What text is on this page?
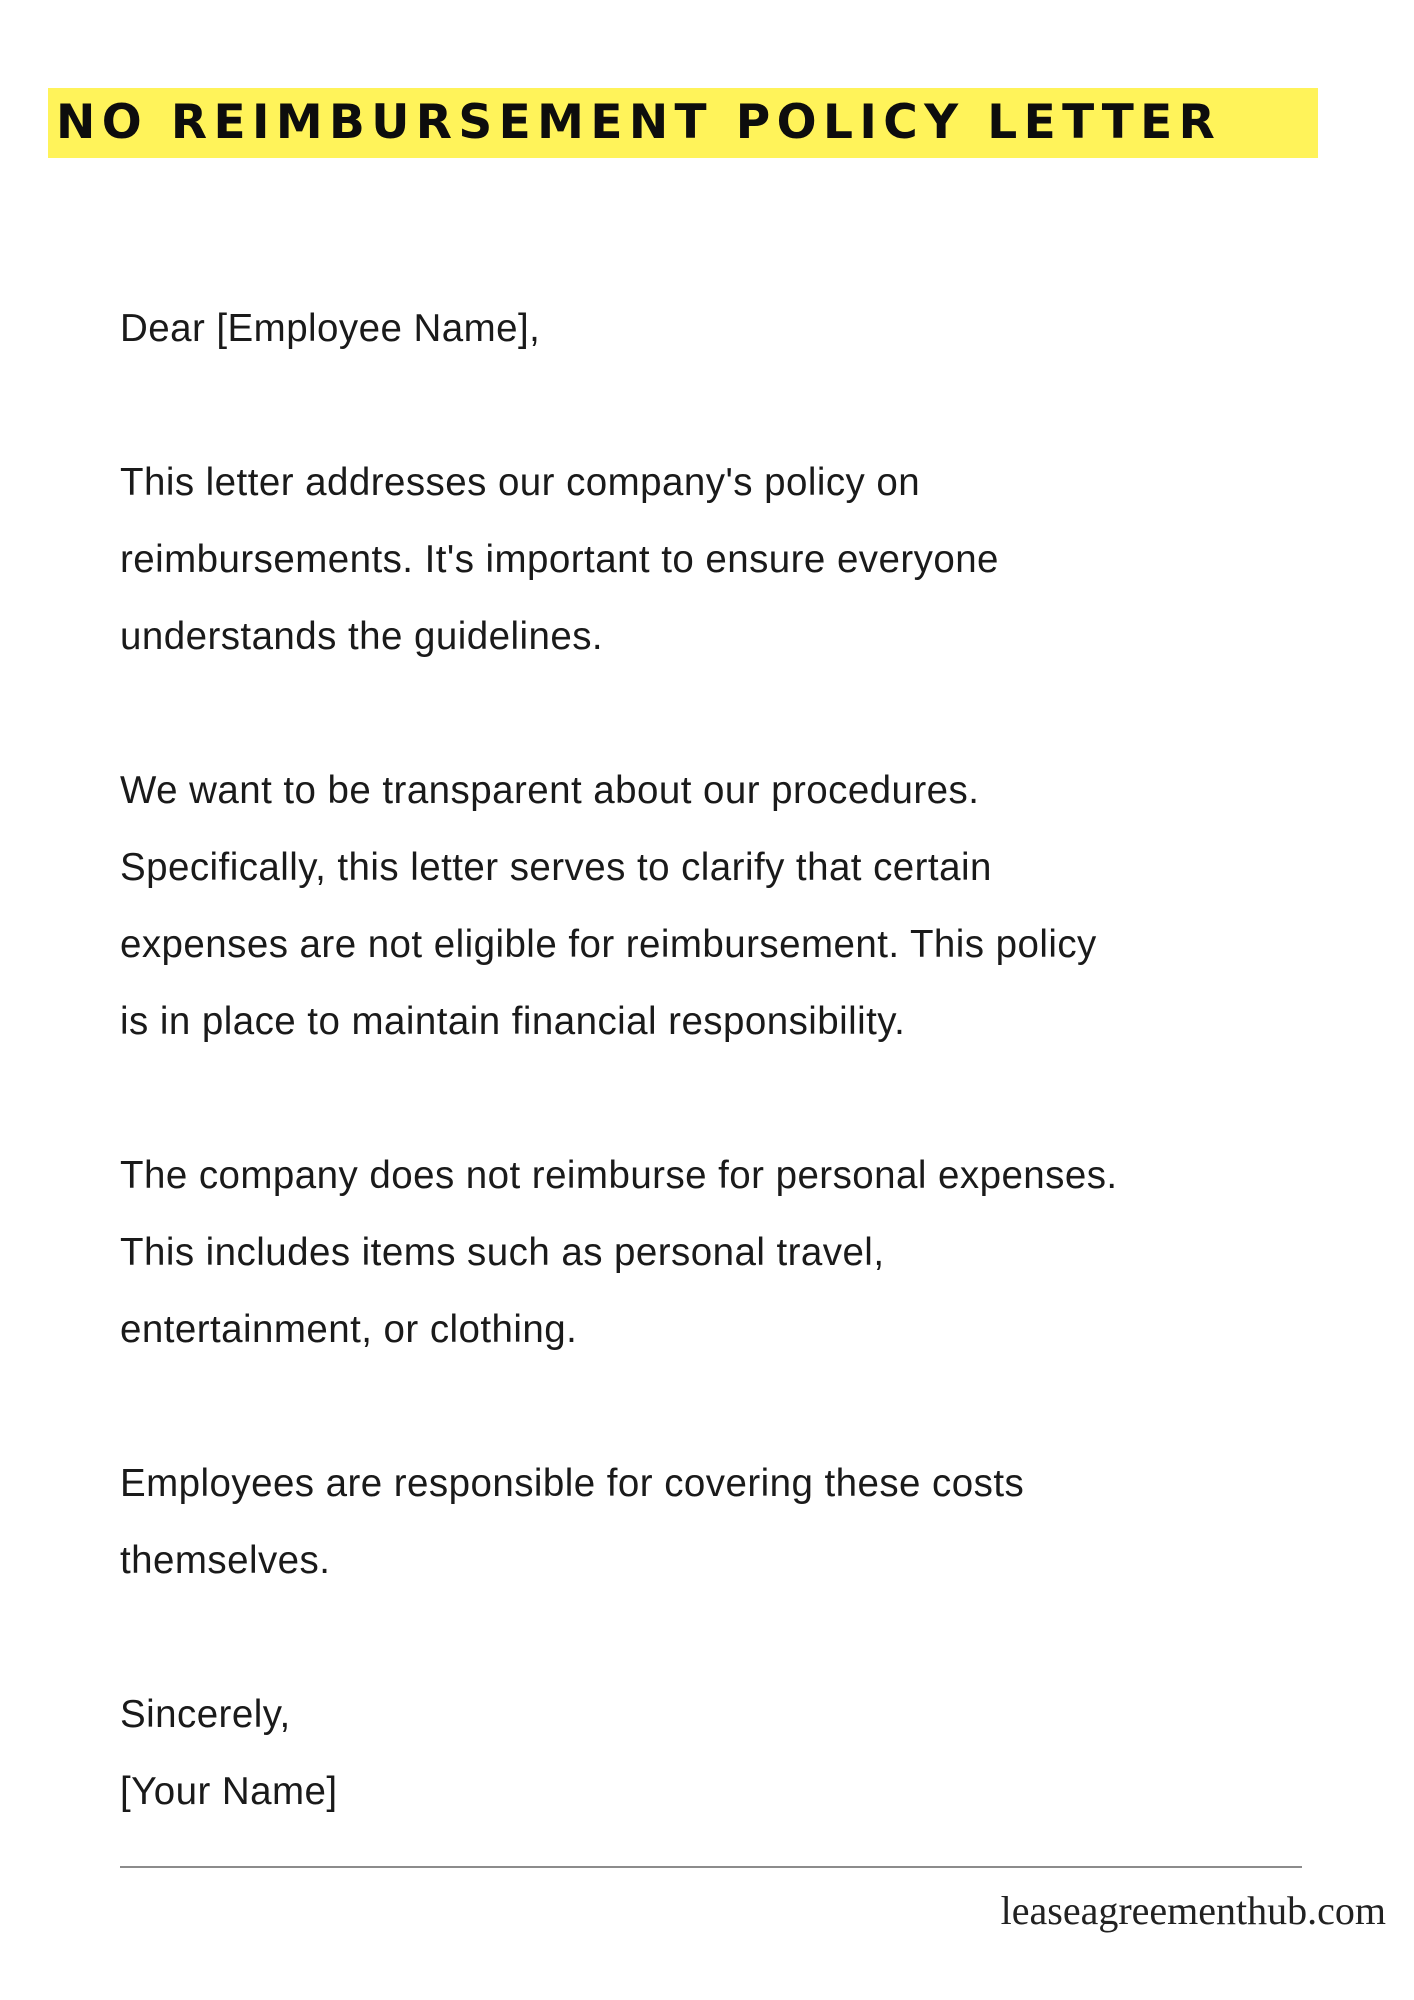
NO REIMBURSEMENT POLICY LETTER

Dear [Employee Name],

This letter addresses our company's policy on
reimbursements. It's important to ensure everyone
understands the guidelines.

We want to be transparent about our procedures.
Specifically, this letter serves to clarify that certain
expenses are not eligible for reimbursement. This policy
is in place to maintain financial responsibility.

The company does not reimburse for personal expenses.
This includes items such as personal travel,
entertainment, or clothing.

Employees are responsible for covering these costs
themselves.

Sincerely,
[Your Name]

leaseagreementhub.com
